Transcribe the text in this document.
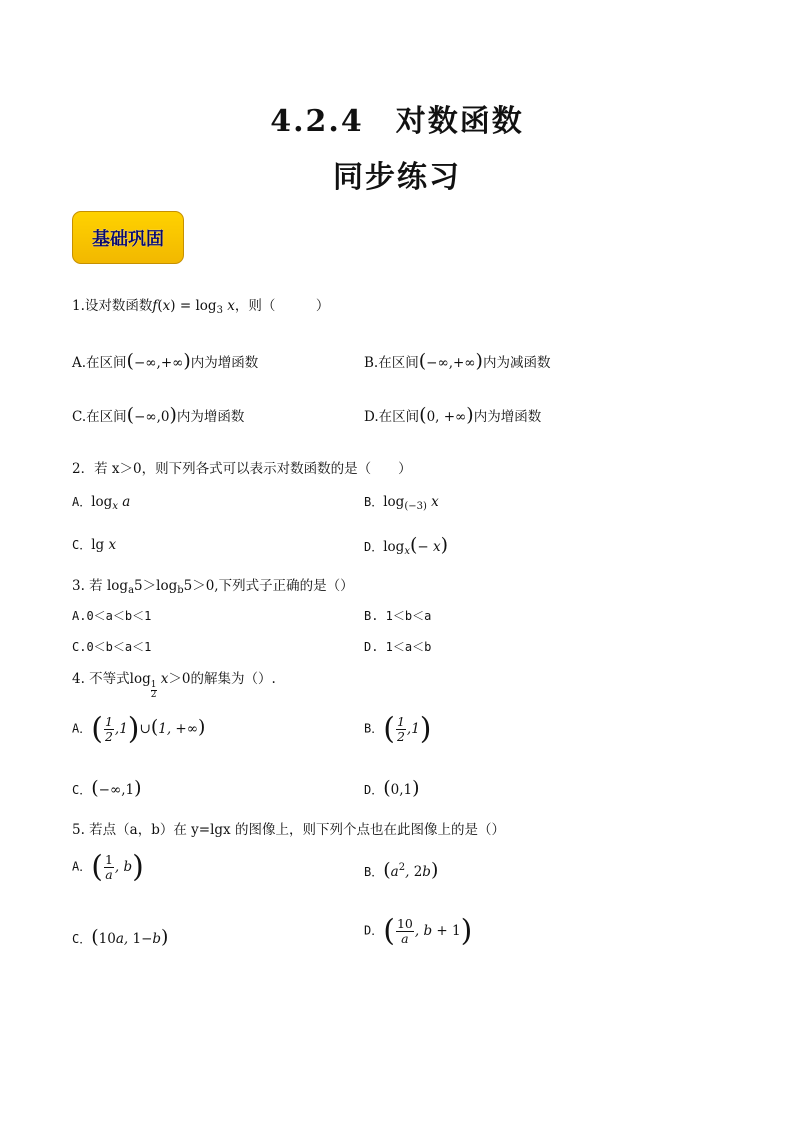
4.2.4　对数函数
同步练习
基础巩固
1.设对数函数$f(x) = \log_3 x$，则（　　　）
A.在区间(−∞,+∞)内为增函数	B.在区间(−∞,+∞)内为减函数
C.在区间(−∞,0)内为增函数	D.在区间(0, +∞)内为增函数
2．若 x＞0，则下列各式可以表示对数函数的是（　　）
A．$\log_x a$	B．$\log_{(-3)} x$
C．lg x	D．$\log_x(- x)$
3. 若 $\log_a5>\log_b5>0$,下列式子正确的是（）
A.0＜a＜b＜1	B. 1＜b＜a
C.0＜b＜a＜1	D. 1＜a＜b
4. 不等式log
$\frac{1}{2}$
x＞0的解集为（）.
A．( $\frac{1}{2}$ ,1)∪(1, +∞)	B．( $\frac{1}{2} ,1$)
C．(−∞,1)	D．(0,1)
5. 若点（a，b）在 y=lgx 的图像上，则下列个点也在此图像上的是（）
A．( $\frac{1}{a}$ , b)	B．($a^2$, 2b)
C．(10a, 1−b)	D．( $\frac{10}{a}$ , b + 1)
